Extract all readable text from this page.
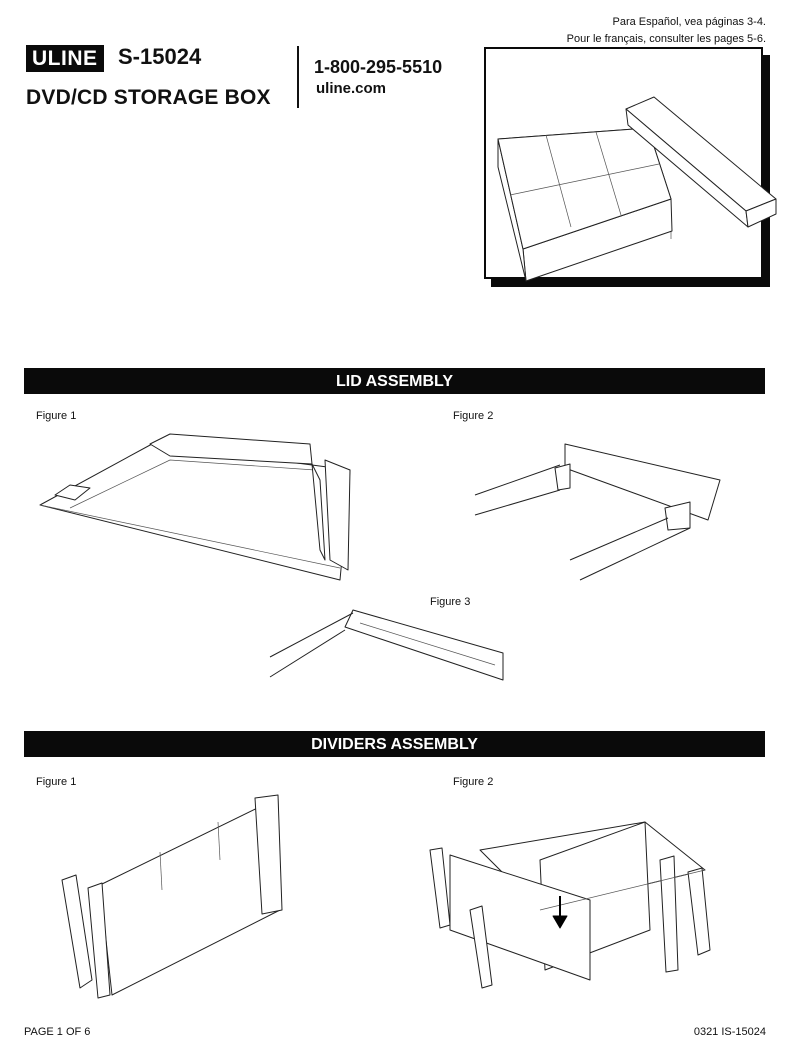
Para Español, vea páginas 3-4.
Pour le français, consulter les pages 5-6.
ULINE S-15024
DVD/CD STORAGE BOX
1-800-295-5510
uline.com
LID ASSEMBLY
Figure 1	Figure 2
Figure 3
DIVIDERS ASSEMBLY
Figure 1	Figure 2
PAGE 1 OF 6	0321 IS-15024
